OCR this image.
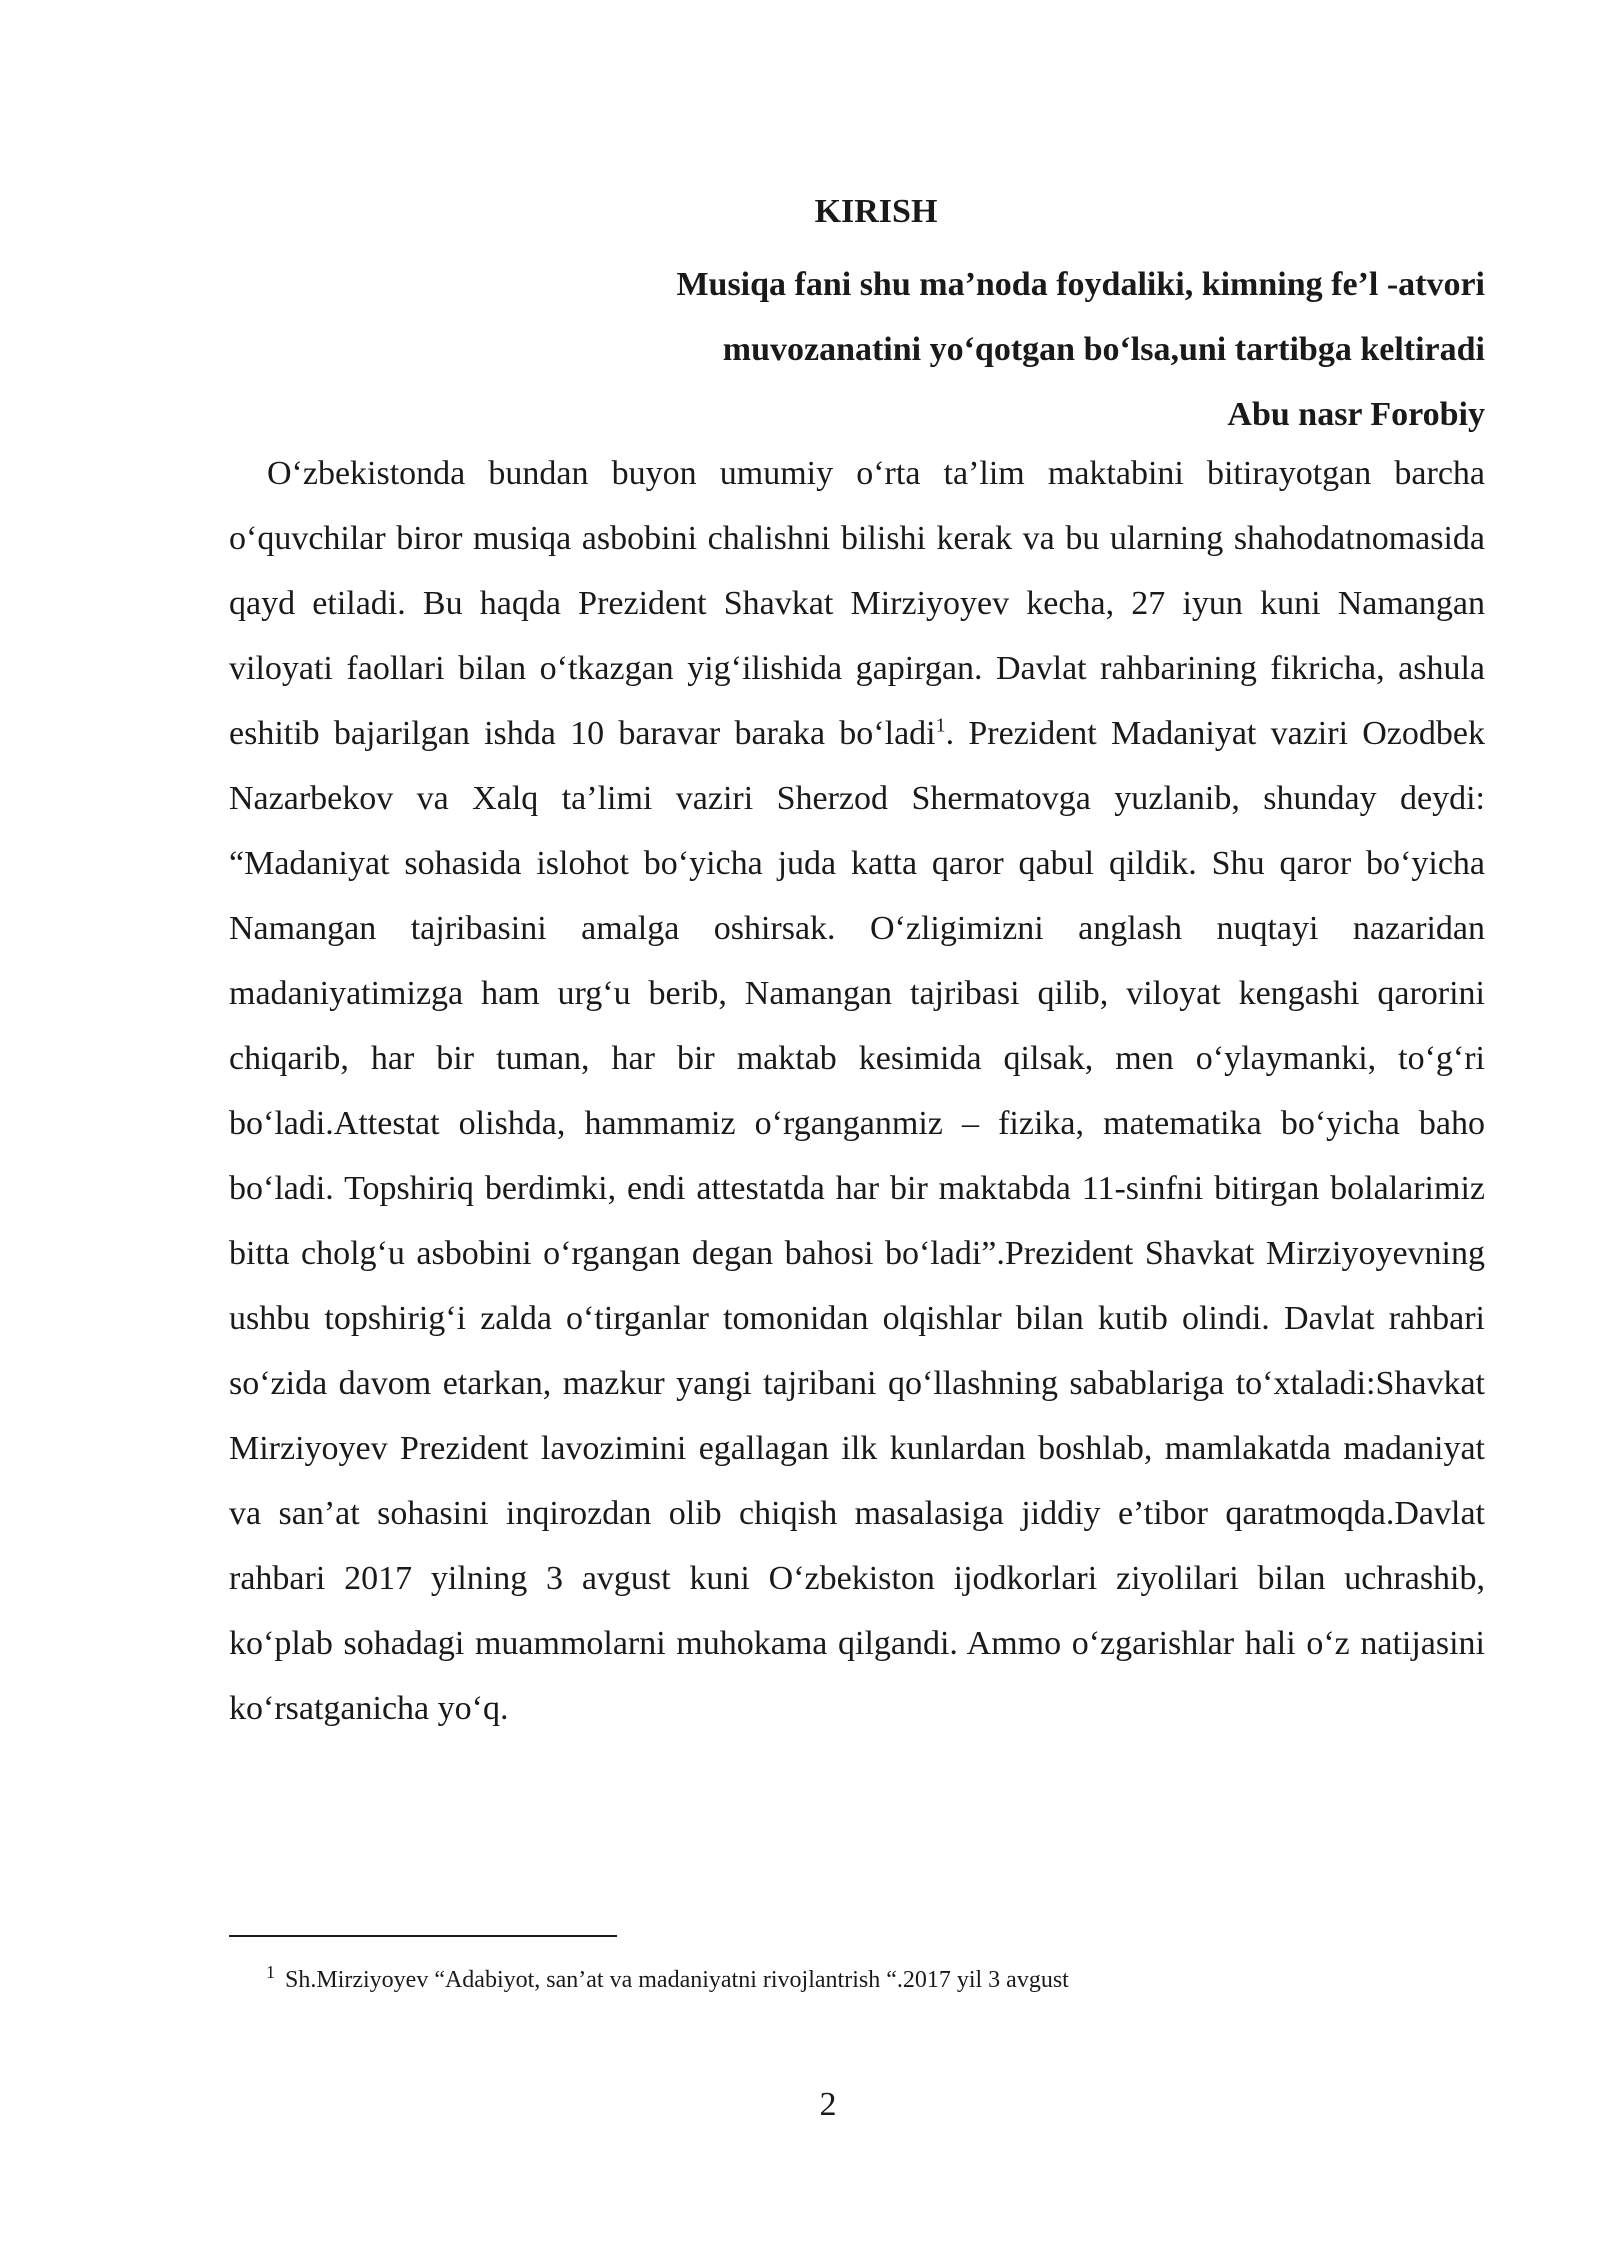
KIRISH
Musiqa fani shu ma’noda foydaliki, kimning fe’l -atvori
muvozanatini yo‘qotgan bo‘lsa,uni tartibga keltiradi
Abu nasr Forobiy

O‘zbekistonda bundan buyon umumiy o‘rta ta’lim maktabini bitirayotgan barcha o‘quvchilar biror musiqa asbobini chalishni bilishi kerak va bu ularning shahodatnomasida qayd etiladi. Bu haqda Prezident Shavkat Mirziyoyev kecha, 27 iyun kuni Namangan viloyati faollari bilan o‘tkazgan yig‘ilishida gapirgan. Davlat rahbarining fikricha, ashula eshitib bajarilgan ishda 10 baravar baraka bo‘ladi$^1$. Prezident Madaniyat vaziri Ozodbek Nazarbekov va Xalq ta’limi vaziri Sherzod Shermatovga yuzlanib, shunday deydi: “Madaniyat sohasida islohot bo‘yicha juda katta qaror qabul qildik. Shu qaror bo‘yicha Namangan tajribasini amalga oshirsak. O‘zligimizni anglash nuqtayi nazaridan madaniyatimizga ham urg‘u berib, Namangan tajribasi qilib, viloyat kengashi qarorini chiqarib, har bir tuman, har bir maktab kesimida qilsak, men o‘ylaymanki, to‘g‘ri bo‘ladi.Attestat olishda, hammamiz o‘rganganmiz – fizika, matematika bo‘yicha baho bo‘ladi. Topshiriq berdimki, endi attestatda har bir maktabda 11-sinfni bitirgan bolalarimiz bitta cholg‘u asbobini o‘rgangan degan bahosi bo‘ladi”.Prezident Shavkat Mirziyoyevning ushbu topshirig‘i zalda o‘tirganlar tomonidan olqishlar bilan kutib olindi. Davlat rahbari so‘zida davom etarkan, mazkur yangi tajribani qo‘llashning sabablariga to‘xtaladi:Shavkat Mirziyoyev Prezident lavozimini egallagan ilk kunlardan boshlab, mamlakatda madaniyat va san’at sohasini inqirozdan olib chiqish masalasiga jiddiy e’tibor qaratmoqda.Davlat rahbari 2017 yilning 3 avgust kuni O‘zbekiston ijodkorlari ziyolilari bilan uchrashib, ko‘plab sohadagi muammolarni muhokama qilgandi. Ammo o‘zgarishlar hali o‘z natijasini ko‘rsatganicha yo‘q.

$^1$ Sh.Mirziyoyev “Adabiyot, san’at va madaniyatni rivojlantrish “.2017 yil 3 avgust
2
